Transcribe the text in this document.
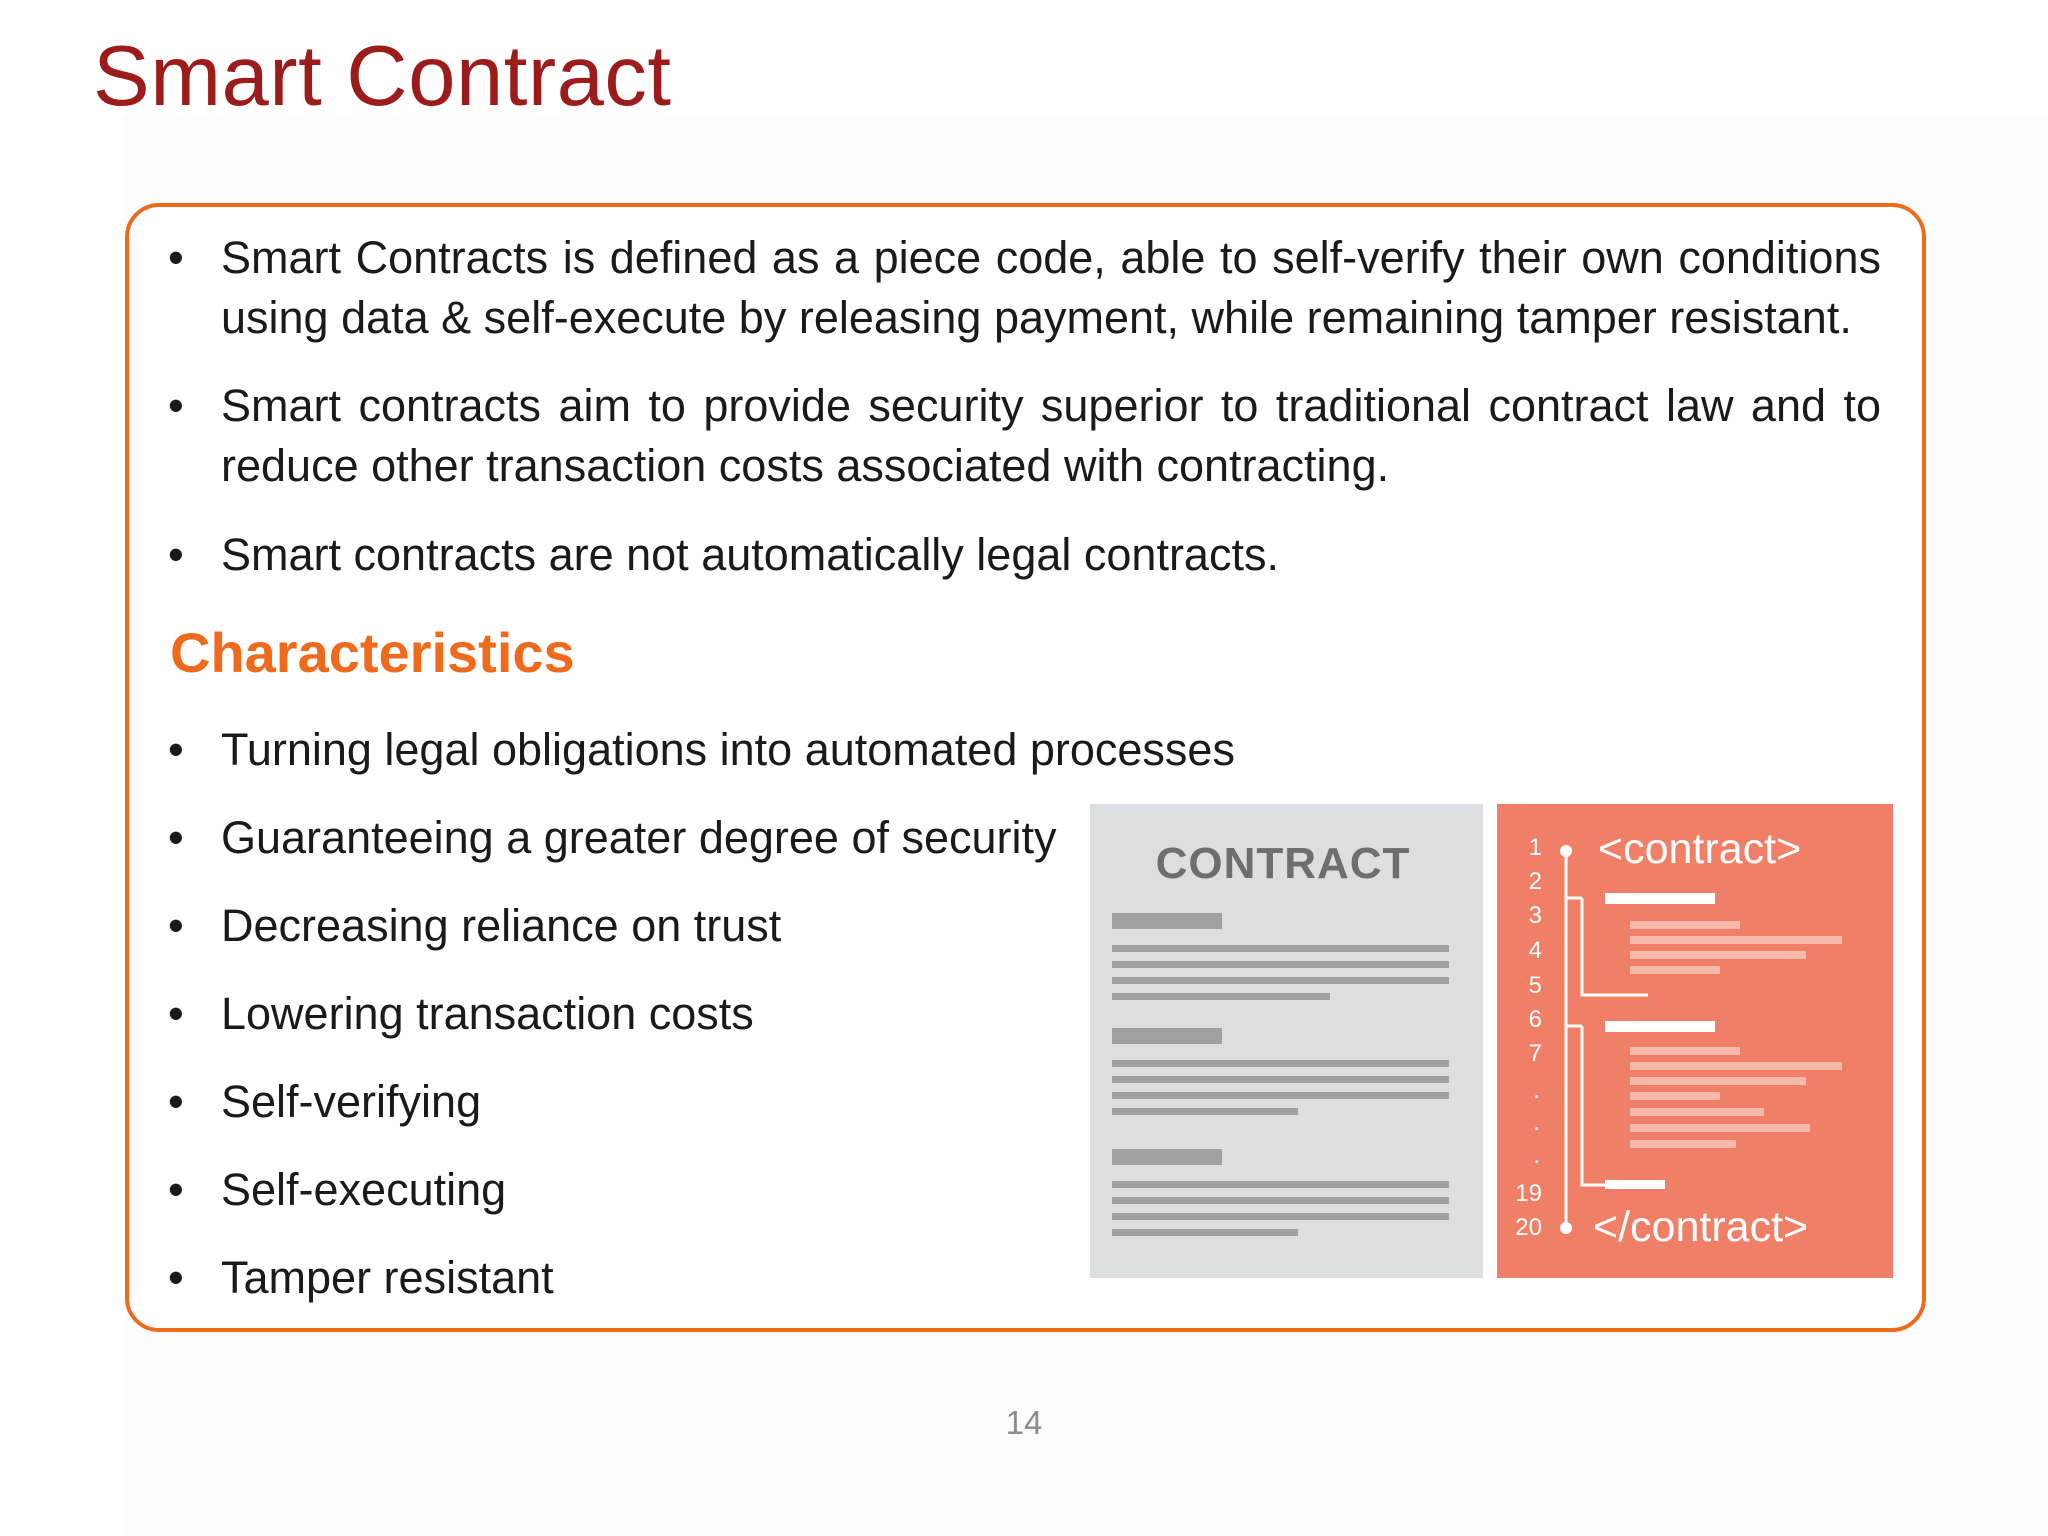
Smart Contract
• Smart Contracts is defined as a piece code, able to self-verify their own conditions using data & self-execute by releasing payment, while remaining tamper resistant.
• Smart contracts aim to provide security superior to traditional contract law and to reduce other transaction costs associated with contracting.
• Smart contracts are not automatically legal contracts.
Characteristics
• Turning legal obligations into automated processes
• Guaranteeing a greater degree of security
• Decreasing reliance on trust
• Lowering transaction costs
• Self-verifying
• Self-executing
• Tamper resistant
CONTRACT	1
2
3
4
5
6
7
.
.
.
19
20
<contract>
</contract>
14
